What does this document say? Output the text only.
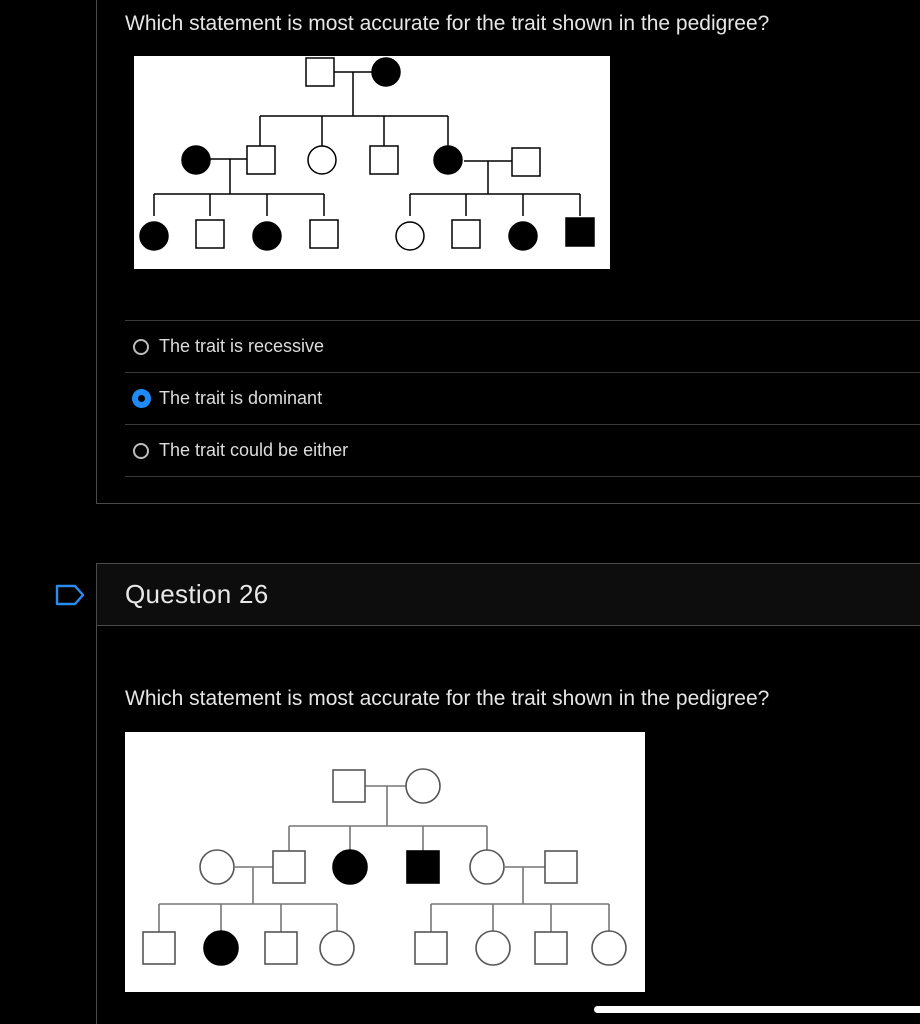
Which statement is most accurate for the trait shown in the pedigree?
The trait is recessive
The trait is dominant
The trait could be either
Question 26
Which statement is most accurate for the trait shown in the pedigree?
